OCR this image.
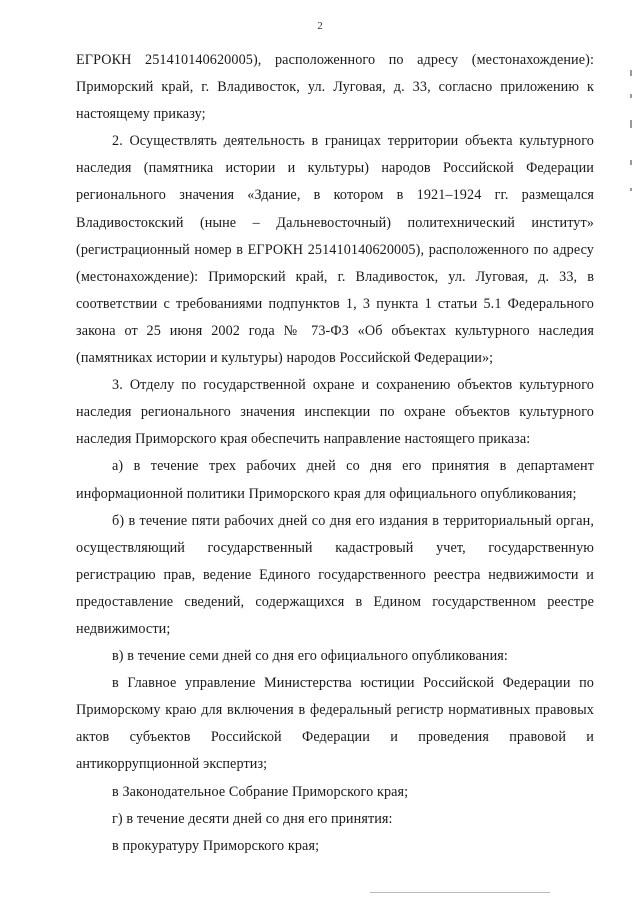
2

ЕГРОКН 251410140620005), расположенного по адресу (местонахождение): Приморский край, г. Владивосток, ул. Луговая, д. 33, согласно приложению к настоящему приказу;

2. Осуществлять деятельность в границах территории объекта культурного наследия (памятника истории и культуры) народов Российской Федерации регионального значения «Здание, в котором в 1921–1924 гг. размещался Владивостокский (ныне – Дальневосточный) политехнический институт» (регистрационный номер в ЕГРОКН 251410140620005), расположенного по адресу (местонахождение): Приморский край, г. Владивосток, ул. Луговая, д. 33, в соответствии с требованиями подпунктов 1, 3 пункта 1 статьи 5.1 Федерального закона от 25 июня 2002 года № 73-ФЗ «Об объектах культурного наследия (памятниках истории и культуры) народов Российской Федерации»;

3. Отделу по государственной охране и сохранению объектов культурного наследия регионального значения инспекции по охране объектов культурного наследия Приморского края обеспечить направление настоящего приказа:

а) в течение трех рабочих дней со дня его принятия в департамент информационной политики Приморского края для официального опубликования;

б) в течение пяти рабочих дней со дня его издания в территориальный орган, осуществляющий государственный кадастровый учет, государственную регистрацию прав, ведение Единого государственного реестра недвижимости и предоставление сведений, содержащихся в Едином государственном реестре недвижимости;

в) в течение семи дней со дня его официального опубликования:

в Главное управление Министерства юстиции Российской Федерации по Приморскому краю для включения в федеральный регистр нормативных правовых актов субъектов Российской Федерации и проведения правовой и антикоррупционной экспертиз;

в Законодательное Собрание Приморского края;

г) в течение десяти дней со дня его принятия:

в прокуратуру Приморского края;
